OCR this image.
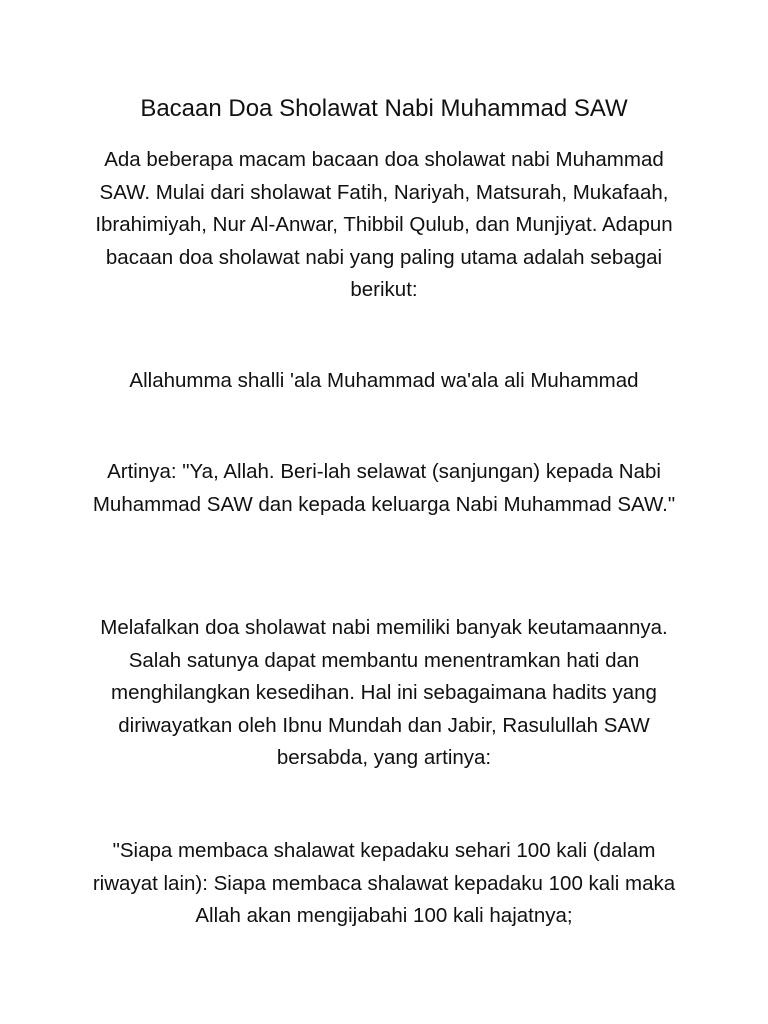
Bacaan Doa Sholawat Nabi Muhammad SAW

Ada beberapa macam bacaan doa sholawat nabi Muhammad SAW. Mulai dari sholawat Fatih, Nariyah, Matsurah, Mukafaah, Ibrahimiyah, Nur Al-Anwar, Thibbil Qulub, dan Munjiyat. Adapun bacaan doa sholawat nabi yang paling utama adalah sebagai berikut:

Allahumma shalli 'ala Muhammad wa'ala ali Muhammad

Artinya: "Ya, Allah. Beri-lah selawat (sanjungan) kepada Nabi Muhammad SAW dan kepada keluarga Nabi Muhammad SAW."

Melafalkan doa sholawat nabi memiliki banyak keutamaannya. Salah satunya dapat membantu menentramkan hati dan menghilangkan kesedihan. Hal ini sebagaimana hadits yang diriwayatkan oleh Ibnu Mundah dan Jabir, Rasulullah SAW bersabda, yang artinya:

"Siapa membaca shalawat kepadaku sehari 100 kali (dalam riwayat lain): Siapa membaca shalawat kepadaku 100 kali maka Allah akan mengijabahi 100 kali hajatnya;
